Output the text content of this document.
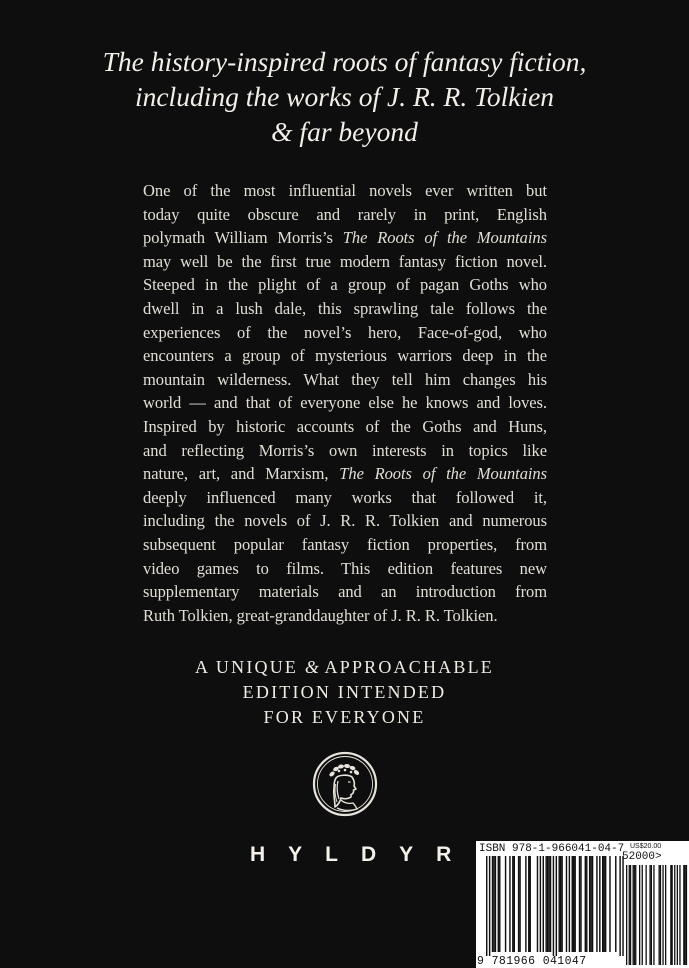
The history-inspired roots of fantasy fiction,
including the works of J. R. R. Tolkien
& far beyond
One of the most influential novels ever written but
today quite obscure and rarely in print, English
polymath William Morris’s The Roots of the Mountains
may well be the first true modern fantasy fiction novel.
Steeped in the plight of a group of pagan Goths who
dwell in a lush dale, this sprawling tale follows the
experiences of the novel’s hero, Face-of-god, who
encounters a group of mysterious warriors deep in the
mountain wilderness. What they tell him changes his
world — and that of everyone else he knows and loves.
Inspired by historic accounts of the Goths and Huns,
and reflecting Morris’s own interests in topics like
nature, art, and Marxism, The Roots of the Mountains
deeply influenced many works that followed it,
including the novels of J. R. R. Tolkien and numerous
subsequent popular fantasy fiction properties, from
video games to films. This edition features new
supplementary materials and an introduction from
Ruth Tolkien, great-granddaughter of J. R. R. Tolkien.
A UNIQUE & APPROACHABLE
EDITION INTENDED
FOR EVERYONE
HYLDYR ISBN 978-1-966041-04-7 US$20.00
52000>
9 781966 041047
